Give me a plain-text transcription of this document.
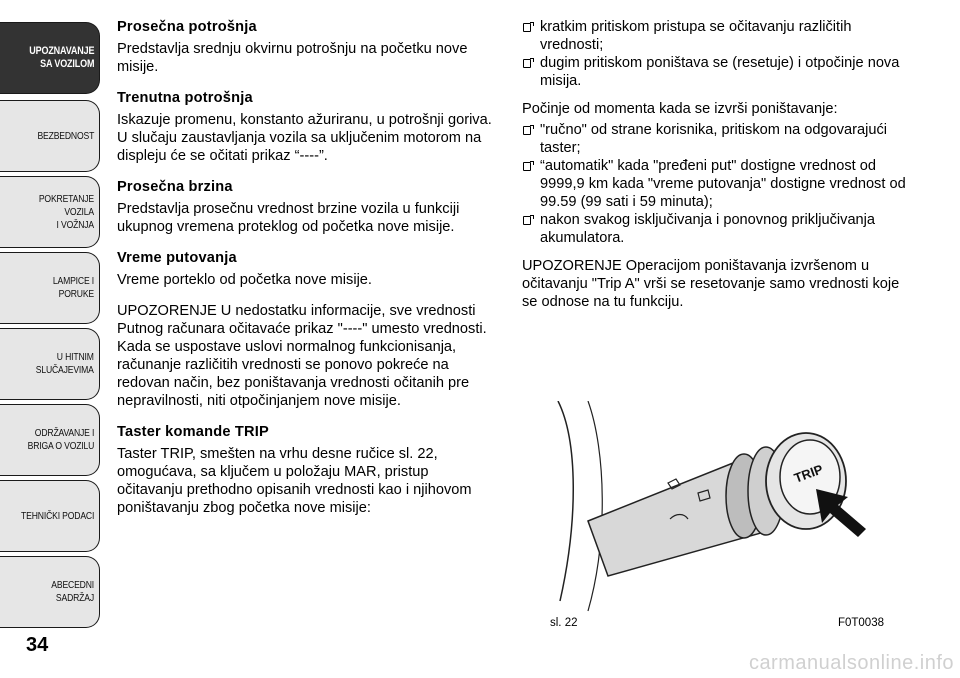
UPOZNAVANJE
SA VOZILOM
BEZBEDNOST
POKRETANJE VOZILA
I VOŽNJA
LAMPICE I PORUKE
U HITNIM
SLUČAJEVIMA
ODRŽAVANJE I
BRIGA O VOZILU
TEHNIČKI PODACI
ABECEDNI SADRŽAJ
34
Prosečna potrošnja

Predstavlja srednju okvirnu potrošnju na početku nove misije.

Trenutna potrošnja

Iskazuje promenu, konstanto ažuriranu, u potrošnji goriva. U slučaju zaustavljanja vozila sa uključenim motorom na displeju će se očitati prikaz “----”.

Prosečna brzina

Predstavlja prosečnu vrednost brzine vozila u funkciji ukupnog vremena proteklog od početka nove misije.

Vreme putovanja

Vreme porteklo od početka nove misije.

UPOZORENJE U nedostatku informacije, sve vrednosti Putnog računara očitavaće prikaz "----" umesto vrednosti. Kada se uspostave uslovi normalnog funkcionisanja, računanje različitih vrednosti se ponovo pokreće na redovan način, bez poništavanja vrednosti očitanih pre nepravilnosti, niti otpočinjanjem nove misije.

Taster komande TRIP

Taster TRIP, smešten na vrhu desne ručice sl. 22, omogućava, sa ključem u položaju MAR, pristup očitavanju prethodno opisanih vrednosti kao i njihovom poništavanju zbog početka nove misije:

kratkim pritiskom pristupa se očitavanju različitih vrednosti;
dugim pritiskom poništava se (resetuje) i otpočinje nova misija.

Počinje od momenta kada se izvrši poništavanje:

"ručno" od strane korisnika, pritiskom na odgovarajući taster;
“automatik" kada "pređeni put" dostigne vrednost od 9999,9 km kada "vreme putovanja" dostigne vrednost od 99.59 (99 sati i 59 minuta);
nakon svakog isključivanja i ponovnog priključivanja akumulatora.

UPOZORENJE Operacijom poništavanja izvršenom u očitavanju "Trip A" vrši se resetovanje samo vrednosti koje se odnose na tu funkciju.

TRIP
sl. 22	F0T0038
carmanualsonline.info
